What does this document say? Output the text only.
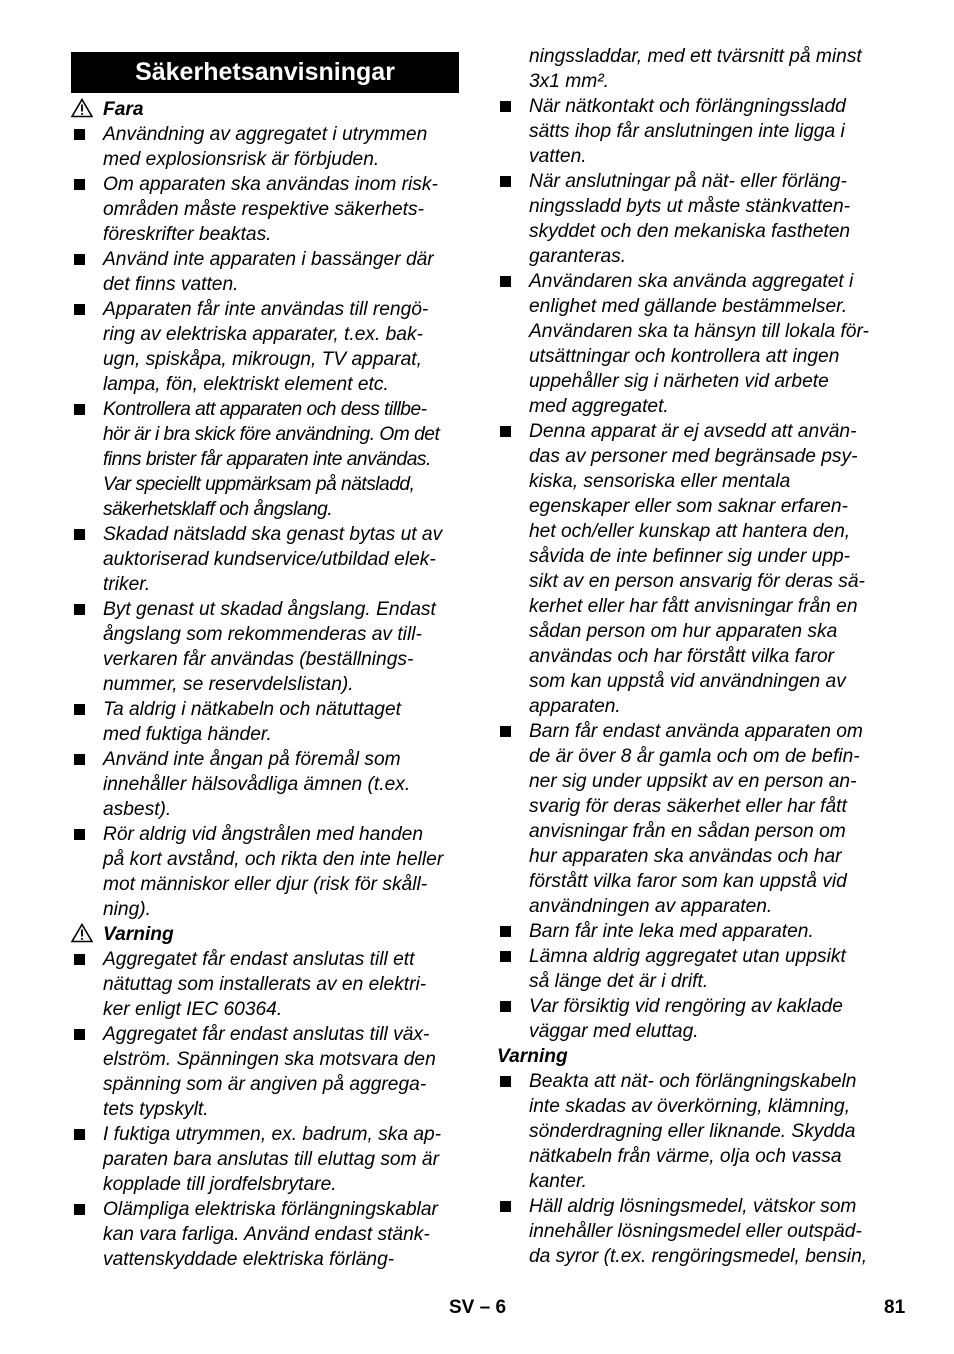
Säkerhetsanvisningar
Fara
Användning av aggregatet i utrymmen
med explosionsrisk är förbjuden.
Om apparaten ska användas inom risk-
områden måste respektive säkerhets-
föreskrifter beaktas.
Använd inte apparaten i bassänger där
det finns vatten.
Apparaten får inte användas till rengö-
ring av elektriska apparater, t.ex. bak-
ugn, spiskåpa, mikrougn, TV apparat,
lampa, fön, elektriskt element etc.
Kontrollera att apparaten och dess tillbe-
hör är i bra skick före användning. Om det
finns brister får apparaten inte användas.
Var speciellt uppmärksam på nätsladd,
säkerhetsklaff och ångslang.
Skadad nätsladd ska genast bytas ut av
auktoriserad kundservice/utbildad elek-
triker.
Byt genast ut skadad ångslang. Endast
ångslang som rekommenderas av till-
verkaren får användas (beställnings-
nummer, se reservdelslistan).
Ta aldrig i nätkabeln och nätuttaget
med fuktiga händer.
Använd inte ångan på föremål som
innehåller hälsovådliga ämnen (t.ex.
asbest).
Rör aldrig vid ångstrålen med handen
på kort avstånd, och rikta den inte heller
mot människor eller djur (risk för skåll-
ning).
Varning
Aggregatet får endast anslutas till ett
nätuttag som installerats av en elektri-
ker enligt IEC 60364.
Aggregatet får endast anslutas till väx-
elström. Spänningen ska motsvara den
spänning som är angiven på aggrega-
tets typskylt.
I fuktiga utrymmen, ex. badrum, ska ap-
paraten bara anslutas till eluttag som är
kopplade till jordfelsbrytare.
Olämpliga elektriska förlängningskablar
kan vara farliga. Använd endast stänk-
vattenskyddade elektriska förläng-
ningssladdar, med ett tvärsnitt på minst
3x1 mm².
När nätkontakt och förlängningssladd
sätts ihop får anslutningen inte ligga i
vatten.
När anslutningar på nät- eller förläng-
ningssladd byts ut måste stänkvatten-
skyddet och den mekaniska fastheten
garanteras.
Användaren ska använda aggregatet i
enlighet med gällande bestämmelser.
Användaren ska ta hänsyn till lokala för-
utsättningar och kontrollera att ingen
uppehåller sig i närheten vid arbete
med aggregatet.
Denna apparat är ej avsedd att använ-
das av personer med begränsade psy-
kiska, sensoriska eller mentala
egenskaper eller som saknar erfaren-
het och/eller kunskap att hantera den,
såvida de inte befinner sig under upp-
sikt av en person ansvarig för deras sä-
kerhet eller har fått anvisningar från en
sådan person om hur apparaten ska
användas och har förstått vilka faror
som kan uppstå vid användningen av
apparaten.
Barn får endast använda apparaten om
de är över 8 år gamla och om de befin-
ner sig under uppsikt av en person an-
svarig för deras säkerhet eller har fått
anvisningar från en sådan person om
hur apparaten ska användas och har
förstått vilka faror som kan uppstå vid
användningen av apparaten.
Barn får inte leka med apparaten.
Lämna aldrig aggregatet utan uppsikt
så länge det är i drift.
Var försiktig vid rengöring av kaklade
väggar med eluttag.
Varning
Beakta att nät- och förlängningskabeln
inte skadas av överkörning, klämning,
sönderdragning eller liknande. Skydda
nätkabeln från värme, olja och vassa
kanter.
Häll aldrig lösningsmedel, vätskor som
innehåller lösningsmedel eller outspäd-
da syror (t.ex. rengöringsmedel, bensin,
SV – 6	81
